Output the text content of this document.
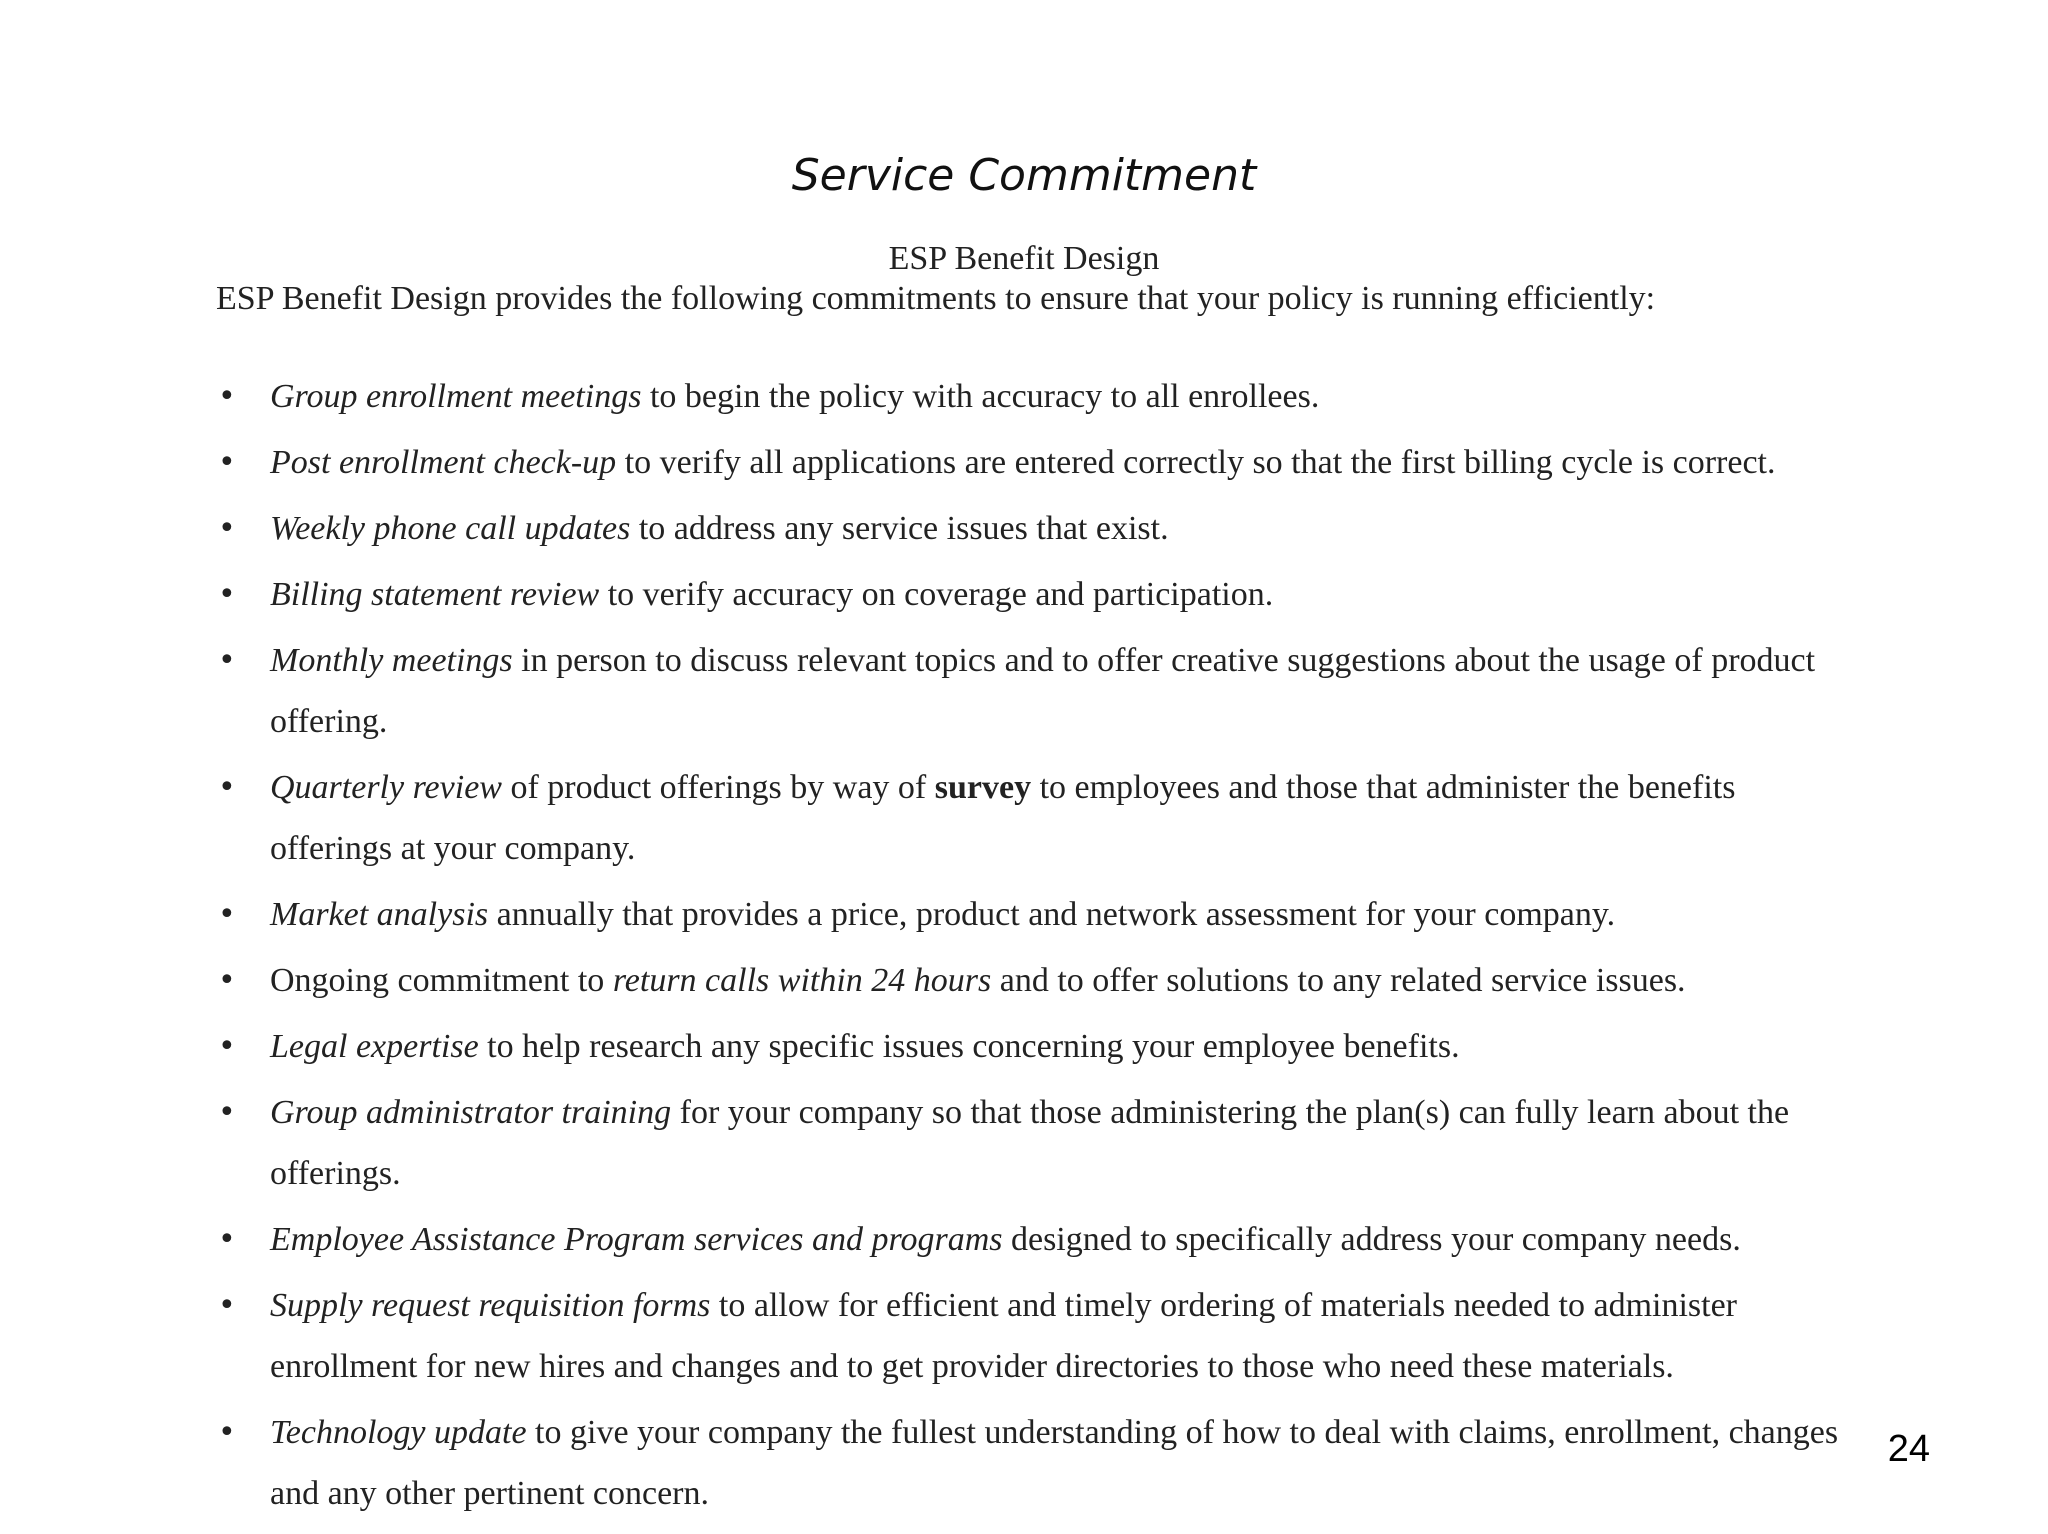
Service Commitment
ESP Benefit Design
ESP Benefit Design provides the following commitments to ensure that your policy is running efficiently:
• Group enrollment meetings to begin the policy with accuracy to all enrollees.
• Post enrollment check-up to verify all applications are entered correctly so that the first billing cycle is correct.
• Weekly phone call updates to address any service issues that exist.
• Billing statement review to verify accuracy on coverage and participation.
• Monthly meetings in person to discuss relevant topics and to offer creative suggestions about the usage of product offering.
• Quarterly review of product offerings by way of survey to employees and those that administer the benefits offerings at your company.
• Market analysis annually that provides a price, product and network assessment for your company.
• Ongoing commitment to return calls within 24 hours and to offer solutions to any related service issues.
• Legal expertise to help research any specific issues concerning your employee benefits.
• Group administrator training for your company so that those administering the plan(s) can fully learn about the offerings.
• Employee Assistance Program services and programs designed to specifically address your company needs.
• Supply request requisition forms to allow for efficient and timely ordering of materials needed to administer enrollment for new hires and changes and to get provider directories to those who need these materials.
• Technology update to give your company the fullest understanding of how to deal with claims, enrollment, changes and any other pertinent concern.
24
